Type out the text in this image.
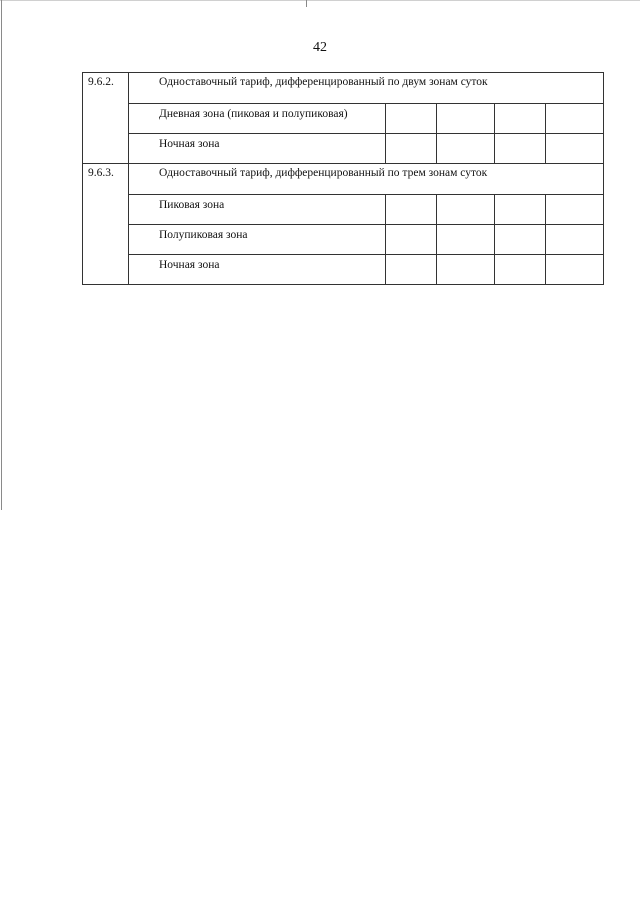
42
9.6.2.	Одноставочный тариф, дифференцированный по двум зонам суток				
	Дневная зона (пиковая и полупиковая)				
	Ночная зона				
9.6.3.	Одноставочный тариф, дифференцированный по трем зонам суток				
	Пиковая зона				
	Полупиковая зона				
	Ночная зона				
